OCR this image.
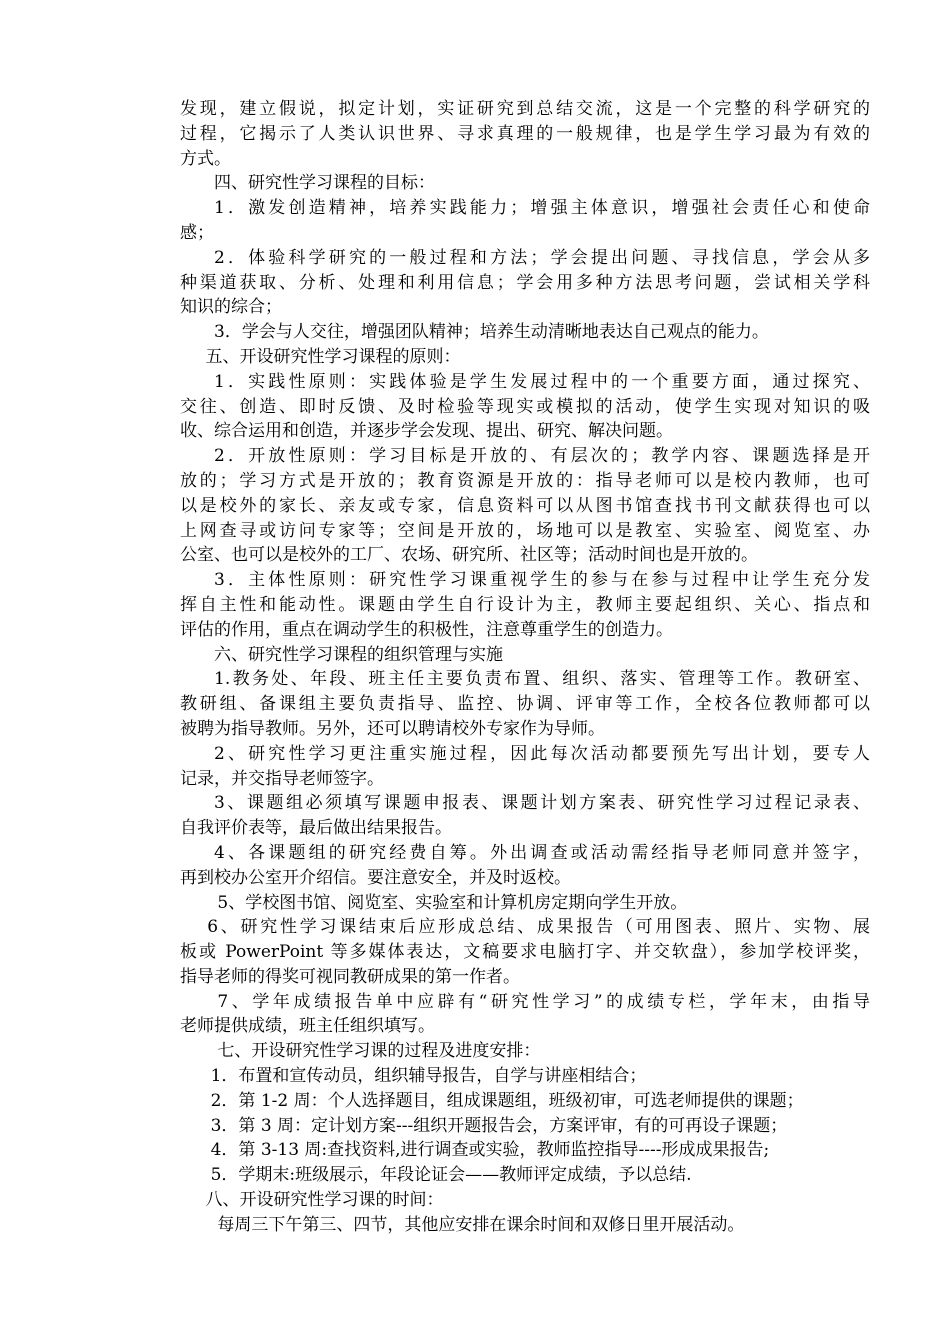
发现，建立假说，拟定计划，实证研究到总结交流，这是一个完整的科学研究的
过程，它揭示了人类认识世界、寻求真理的一般规律，也是学生学习最为有效的
方式。
四、研究性学习课程的目标：
1．激发创造精神，培养实践能力；增强主体意识，增强社会责任心和使命
感；
2．体验科学研究的一般过程和方法；学会提出问题、寻找信息，学会从多
种渠道获取、分析、处理和利用信息；学会用多种方法思考问题，尝试相关学科
知识的综合；
3．学会与人交往，增强团队精神；培养生动清晰地表达自己观点的能力。
五、开设研究性学习课程的原则：
1．实践性原则：实践体验是学生发展过程中的一个重要方面，通过探究、
交往、创造、即时反馈、及时检验等现实或模拟的活动，使学生实现对知识的吸
收、综合运用和创造，并逐步学会发现、提出、研究、解决问题。
2．开放性原则：学习目标是开放的、有层次的；教学内容、课题选择是开
放的；学习方式是开放的；教育资源是开放的：指导老师可以是校内教师，也可
以是校外的家长、亲友或专家，信息资料可以从图书馆查找书刊文献获得也可以
上网查寻或访问专家等；空间是开放的，场地可以是教室、实验室、阅览室、办
公室、也可以是校外的工厂、农场、研究所、社区等；活动时间也是开放的。
3．主体性原则：研究性学习课重视学生的参与在参与过程中让学生充分发
挥自主性和能动性。课题由学生自行设计为主，教师主要起组织、关心、指点和
评估的作用，重点在调动学生的积极性，注意尊重学生的创造力。
六、研究性学习课程的组织管理与实施
1.教务处、年段、班主任主要负责布置、组织、落实、管理等工作。教研室、
教研组、备课组主要负责指导、监控、协调、评审等工作，全校各位教师都可以
被聘为指导教师。另外，还可以聘请校外专家作为导师。
2、研究性学习更注重实施过程，因此每次活动都要预先写出计划，要专人
记录，并交指导老师签字。
3、课题组必须填写课题申报表、课题计划方案表、研究性学习过程记录表、
自我评价表等，最后做出结果报告。
4、各课题组的研究经费自筹。外出调查或活动需经指导老师同意并签字，
再到校办公室开介绍信。要注意安全，并及时返校。
5、学校图书馆、阅览室、实验室和计算机房定期向学生开放。
6、研究性学习课结束后应形成总结、成果报告（可用图表、照片、实物、展
板或 PowerPoint 等多媒体表达，文稿要求电脑打字、并交软盘），参加学校评奖，
指导老师的得奖可视同教研成果的第一作者。
7、学年成绩报告单中应辟有“研究性学习”的成绩专栏，学年末，由指导
老师提供成绩，班主任组织填写。
七、开设研究性学习课的过程及进度安排：
1．布置和宣传动员，组织辅导报告，自学与讲座相结合；
2．第 1-2 周：个人选择题目，组成课题组，班级初审，可选老师提供的课题；
3．第 3 周：定计划方案---组织开题报告会，方案评审，有的可再设子课题；
4．第 3-13 周:查找资料,进行调查或实验，教师监控指导----形成成果报告;
5．学期末:班级展示，年段论证会——教师评定成绩，予以总结.
八、开设研究性学习课的时间：
每周三下午第三、四节，其他应安排在课余时间和双修日里开展活动。
